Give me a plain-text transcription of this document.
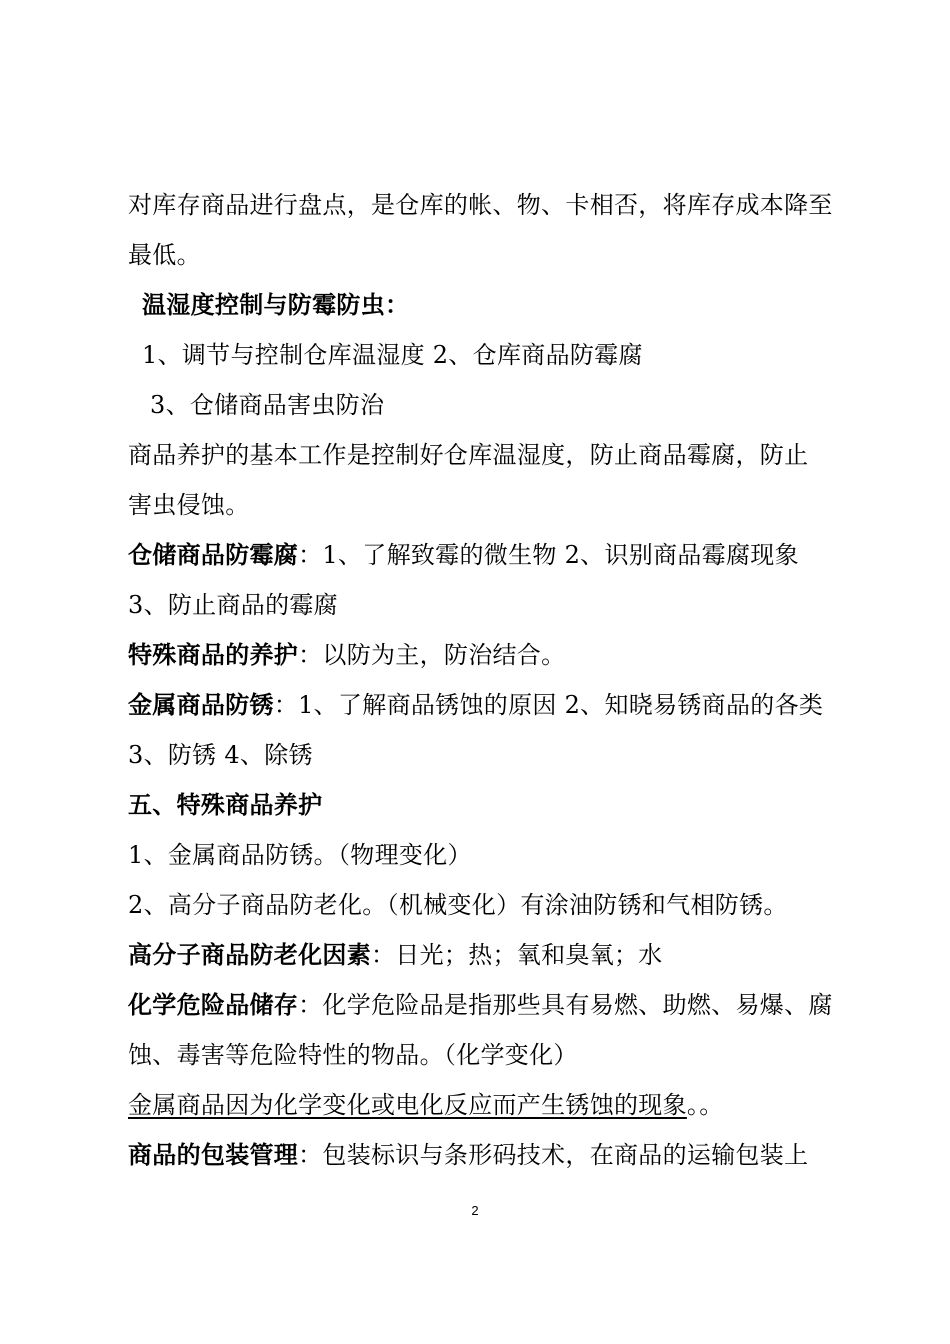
对库存商品进行盘点，是仓库的帐、物、卡相否，将库存成本降至
最低。
温湿度控制与防霉防虫：
1、调节与控制仓库温湿度 2、仓库商品防霉腐
3、仓储商品害虫防治
商品养护的基本工作是控制好仓库温湿度，防止商品霉腐，防止
害虫侵蚀。
仓储商品防霉腐：1、了解致霉的微生物 2、识别商品霉腐现象
3、防止商品的霉腐
特殊商品的养护：以防为主，防治结合。
金属商品防锈：1、了解商品锈蚀的原因 2、知晓易锈商品的各类
3、防锈 4、除锈
五、特殊商品养护
1、金属商品防锈。（物理变化）
2、高分子商品防老化。（机械变化）有涂油防锈和气相防锈。
高分子商品防老化因素：日光；热；氧和臭氧；水
化学危险品储存：化学危险品是指那些具有易燃、助燃、易爆、腐
蚀、毒害等危险特性的物品。（化学变化）
金属商品因为化学变化或电化反应而产生锈蚀的现象。。
商品的包装管理：包装标识与条形码技术，在商品的运输包装上
2
